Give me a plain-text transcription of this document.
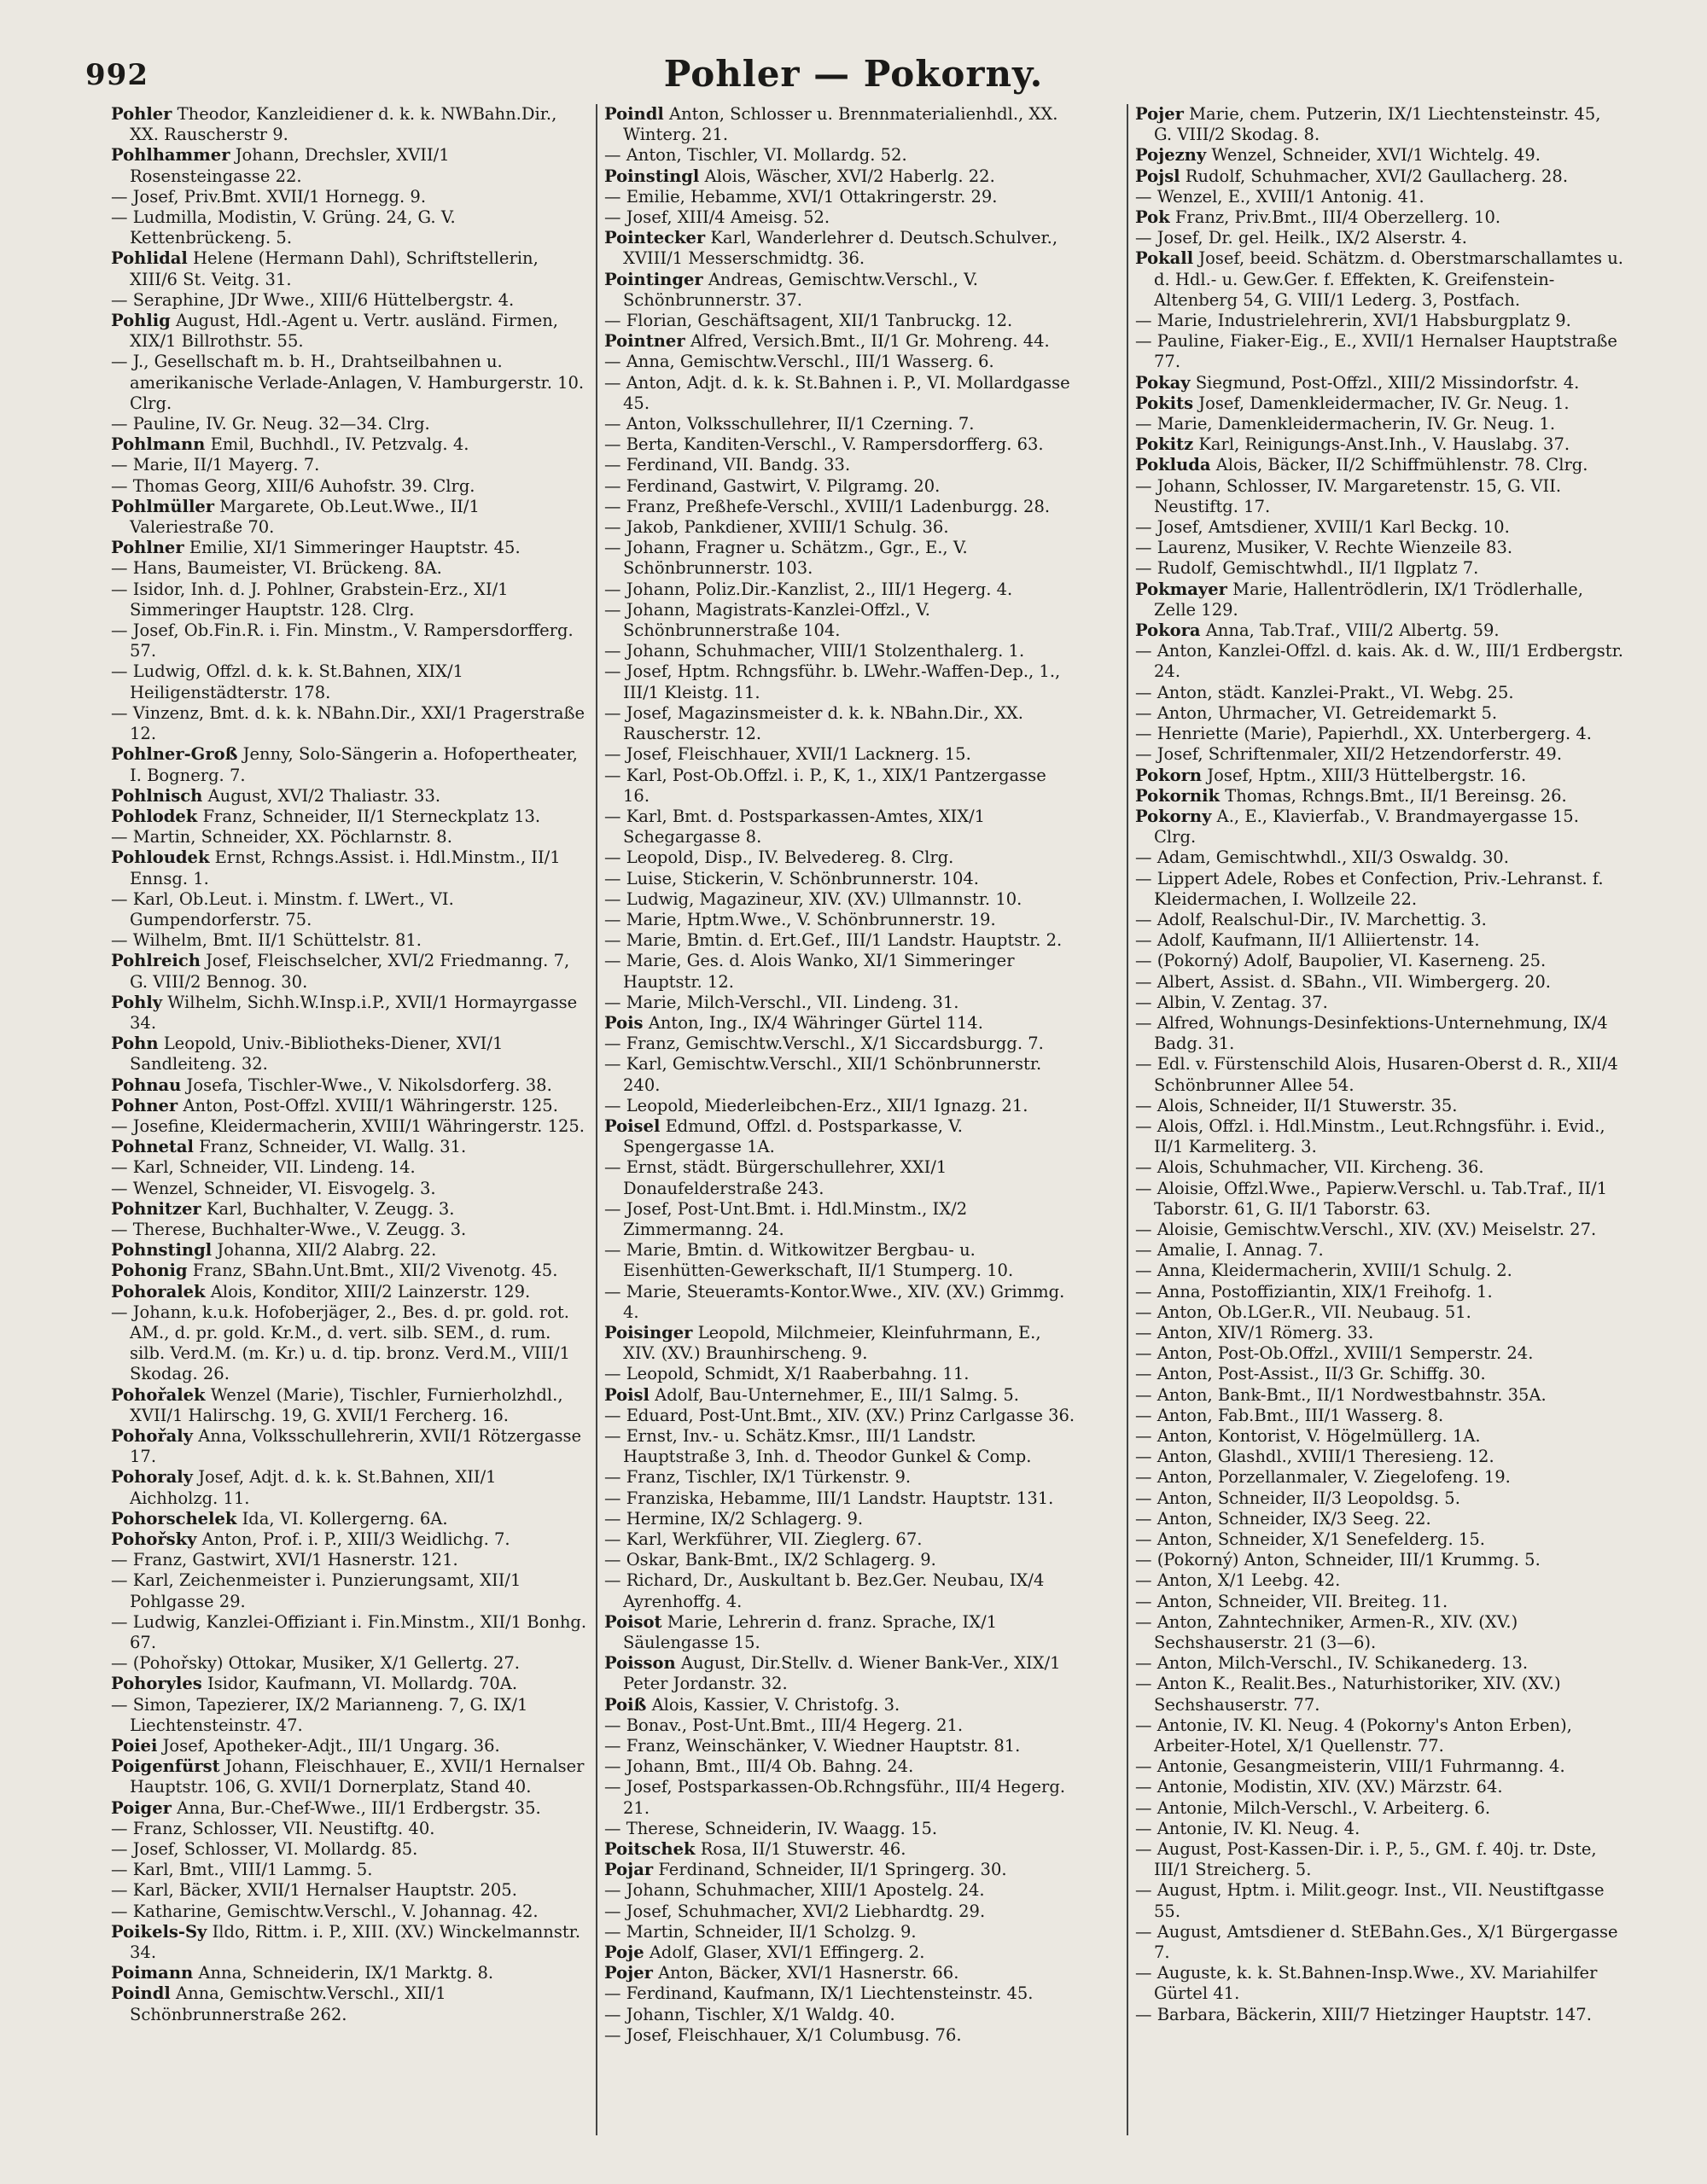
992	Pohler — Pokorny.

Pohler Theodor, Kanzleidiener d. k. k. NWBahn.Dir., XX. Rauscherstr 9.

Pohlhammer Johann, Drechsler, XVII/1 Rosensteingasse 22.

— Josef, Priv.Bmt. XVII/1 Hornegg. 9.

— Ludmilla, Modistin, V. Grüng. 24, G. V. Kettenbrückeng. 5.

Pohlidal Helene (Hermann Dahl), Schriftstellerin, XIII/6 St. Veitg. 31.

— Seraphine, JDr Wwe., XIII/6 Hüttelbergstr. 4.

Pohlig August, Hdl.-Agent u. Vertr. ausländ. Firmen, XIX/1 Billrothstr. 55.

— J., Gesellschaft m. b. H., Drahtseilbahnen u. amerikanische Verlade-Anlagen, V. Hamburgerstr. 10. Clrg.

— Pauline, IV. Gr. Neug. 32—34. Clrg.

Pohlmann Emil, Buchhdl., IV. Petzvalg. 4.

— Marie, II/1 Mayerg. 7.

— Thomas Georg, XIII/6 Auhofstr. 39. Clrg.

Pohlmüller Margarete, Ob.Leut.Wwe., II/1 Valeriestraße 70.

Pohlner Emilie, XI/1 Simmeringer Hauptstr. 45.

— Hans, Baumeister, VI. Brückeng. 8A.

— Isidor, Inh. d. J. Pohlner, Grabstein-Erz., XI/1 Simmeringer Hauptstr. 128. Clrg.

— Josef, Ob.Fin.R. i. Fin. Minstm., V. Rampersdorfferg. 57.

— Ludwig, Offzl. d. k. k. St.Bahnen, XIX/1 Heiligenstädterstr. 178.

— Vinzenz, Bmt. d. k. k. NBahn.Dir., XXI/1 Pragerstraße 12.

Pohlner-Groß Jenny, Solo-Sängerin a. Hofopertheater, I. Bognerg. 7.

Pohlnisch August, XVI/2 Thaliastr. 33.

Pohlodek Franz, Schneider, II/1 Sterneckplatz 13.

— Martin, Schneider, XX. Pöchlarnstr. 8.

Pohloudek Ernst, Rchngs.Assist. i. Hdl.Minstm., II/1 Ennsg. 1.

— Karl, Ob.Leut. i. Minstm. f. LWert., VI. Gumpendorferstr. 75.

— Wilhelm, Bmt. II/1 Schüttelstr. 81.

Pohlreich Josef, Fleischselcher, XVI/2 Friedmanng. 7, G. VIII/2 Bennog. 30.

Pohly Wilhelm, Sichh.W.Insp.i.P., XVII/1 Hormayrgasse 34.

Pohn Leopold, Univ.-Bibliotheks-Diener, XVI/1 Sandleiteng. 32.

Pohnau Josefa, Tischler-Wwe., V. Nikolsdorferg. 38.

Pohner Anton, Post-Offzl. XVIII/1 Währingerstr. 125.

— Josefine, Kleidermacherin, XVIII/1 Währingerstr. 125.

Pohnetal Franz, Schneider, VI. Wallg. 31.

— Karl, Schneider, VII. Lindeng. 14.

— Wenzel, Schneider, VI. Eisvogelg. 3.

Pohnitzer Karl, Buchhalter, V. Zeugg. 3.

— Therese, Buchhalter-Wwe., V. Zeugg. 3.

Pohnstingl Johanna, XII/2 Alabrg. 22.

Pohonig Franz, SBahn.Unt.Bmt., XII/2 Vivenotg. 45.

Pohoralek Alois, Konditor, XIII/2 Lainzerstr. 129.

— Johann, k.u.k. Hofoberjäger, 2., Bes. d. pr. gold. rot. AM., d. pr. gold. Kr.M., d. vert. silb. SEM., d. rum. silb. Verd.M. (m. Kr.) u. d. tip. bronz. Verd.M., VIII/1 Skodag. 26.

Pohořalek Wenzel (Marie), Tischler, Furnierholzhdl., XVII/1 Halirschg. 19, G. XVII/1 Fercherg. 16.

Pohořaly Anna, Volksschullehrerin, XVII/1 Rötzergasse 17.

Pohoraly Josef, Adjt. d. k. k. St.Bahnen, XII/1 Aichholzg. 11.

Pohorschelek Ida, VI. Kollergerng. 6A.

Pohořsky Anton, Prof. i. P., XIII/3 Weidlichg. 7.

— Franz, Gastwirt, XVI/1 Hasnerstr. 121.

— Karl, Zeichenmeister i. Punzierungsamt, XII/1 Pohlgasse 29.

— Ludwig, Kanzlei-Offiziant i. Fin.Minstm., XII/1 Bonhg. 67.

— (Pohořsky) Ottokar, Musiker, X/1 Gellertg. 27.

Pohoryles Isidor, Kaufmann, VI. Mollardg. 70A.

— Simon, Tapezierer, IX/2 Marianneng. 7, G. IX/1 Liechtensteinstr. 47.

Poiei Josef, Apotheker-Adjt., III/1 Ungarg. 36.

Poigenfürst Johann, Fleischhauer, E., XVII/1 Hernalser Hauptstr. 106, G. XVII/1 Dornerplatz, Stand 40.

Poiger Anna, Bur.-Chef-Wwe., III/1 Erdbergstr. 35.

— Franz, Schlosser, VII. Neustiftg. 40.

— Josef, Schlosser, VI. Mollardg. 85.

— Karl, Bmt., VIII/1 Lammg. 5.

— Karl, Bäcker, XVII/1 Hernalser Hauptstr. 205.

— Katharine, Gemischtw.Verschl., V. Johannag. 42.

Poikels-Sy Ildo, Rittm. i. P., XIII. (XV.) Winckelmannstr. 34.

Poimann Anna, Schneiderin, IX/1 Marktg. 8.

Poindl Anna, Gemischtw.Verschl., XII/1 Schönbrunnerstraße 262.

Poindl Anton, Schlosser u. Brennmaterialienhdl., XX. Winterg. 21.

— Anton, Tischler, VI. Mollardg. 52.

Poinstingl Alois, Wäscher, XVI/2 Haberlg. 22.

— Emilie, Hebamme, XVI/1 Ottakringerstr. 29.

— Josef, XIII/4 Ameisg. 52.

Pointecker Karl, Wanderlehrer d. Deutsch.Schulver., XVIII/1 Messerschmidtg. 36.

Pointinger Andreas, Gemischtw.Verschl., V. Schönbrunnerstr. 37.

— Florian, Geschäftsagent, XII/1 Tanbruckg. 12.

Pointner Alfred, Versich.Bmt., II/1 Gr. Mohreng. 44.

— Anna, Gemischtw.Verschl., III/1 Wasserg. 6.

— Anton, Adjt. d. k. k. St.Bahnen i. P., VI. Mollardgasse 45.

— Anton, Volksschullehrer, II/1 Czerning. 7.

— Berta, Kanditen-Verschl., V. Rampersdorfferg. 63.

— Ferdinand, VII. Bandg. 33.

— Ferdinand, Gastwirt, V. Pilgramg. 20.

— Franz, Preßhefe-Verschl., XVIII/1 Ladenburgg. 28.

— Jakob, Pankdiener, XVIII/1 Schulg. 36.

— Johann, Fragner u. Schätzm., Ggr., E., V. Schönbrunnerstr. 103.

— Johann, Poliz.Dir.-Kanzlist, 2., III/1 Hegerg. 4.

— Johann, Magistrats-Kanzlei-Offzl., V. Schönbrunnerstraße 104.

— Johann, Schuhmacher, VIII/1 Stolzenthalerg. 1.

— Josef, Hptm. Rchngsführ. b. LWehr.-Waffen-Dep., 1., III/1 Kleistg. 11.

— Josef, Magazinsmeister d. k. k. NBahn.Dir., XX. Rauscherstr. 12.

— Josef, Fleischhauer, XVII/1 Lacknerg. 15.

— Karl, Post-Ob.Offzl. i. P., K, 1., XIX/1 Pantzergasse 16.

— Karl, Bmt. d. Postsparkassen-Amtes, XIX/1 Schegargasse 8.

— Leopold, Disp., IV. Belvedereg. 8. Clrg.

— Luise, Stickerin, V. Schönbrunnerstr. 104.

— Ludwig, Magazineur, XIV. (XV.) Ullmannstr. 10.

— Marie, Hptm.Wwe., V. Schönbrunnerstr. 19.

— Marie, Bmtin. d. Ert.Gef., III/1 Landstr. Hauptstr. 2.

— Marie, Ges. d. Alois Wanko, XI/1 Simmeringer Hauptstr. 12.

— Marie, Milch-Verschl., VII. Lindeng. 31.

Pois Anton, Ing., IX/4 Währinger Gürtel 114.

— Franz, Gemischtw.Verschl., X/1 Siccardsburgg. 7.

— Karl, Gemischtw.Verschl., XII/1 Schönbrunnerstr. 240.

— Leopold, Miederleibchen-Erz., XII/1 Ignazg. 21.

Poisel Edmund, Offzl. d. Postsparkasse, V. Spengergasse 1A.

— Ernst, städt. Bürgerschullehrer, XXI/1 Donaufelderstraße 243.

— Josef, Post-Unt.Bmt. i. Hdl.Minstm., IX/2 Zimmermanng. 24.

— Marie, Bmtin. d. Witkowitzer Bergbau- u. Eisenhütten-Gewerkschaft, II/1 Stumperg. 10.

— Marie, Steueramts-Kontor.Wwe., XIV. (XV.) Grimmg. 4.

Poisinger Leopold, Milchmeier, Kleinfuhrmann, E., XIV. (XV.) Braunhirscheng. 9.

— Leopold, Schmidt, X/1 Raaberbahng. 11.

Poisl Adolf, Bau-Unternehmer, E., III/1 Salmg. 5.

— Eduard, Post-Unt.Bmt., XIV. (XV.) Prinz Carlgasse 36.

— Ernst, Inv.- u. Schätz.Kmsr., III/1 Landstr. Hauptstraße 3, Inh. d. Theodor Gunkel & Comp.

— Franz, Tischler, IX/1 Türkenstr. 9.

— Franziska, Hebamme, III/1 Landstr. Hauptstr. 131.

— Hermine, IX/2 Schlagerg. 9.

— Karl, Werkführer, VII. Zieglerg. 67.

— Oskar, Bank-Bmt., IX/2 Schlagerg. 9.

— Richard, Dr., Auskultant b. Bez.Ger. Neubau, IX/4 Ayrenhoffg. 4.

Poisot Marie, Lehrerin d. franz. Sprache, IX/1 Säulengasse 15.

Poisson August, Dir.Stellv. d. Wiener Bank-Ver., XIX/1 Peter Jordanstr. 32.

Poiß Alois, Kassier, V. Christofg. 3.

— Bonav., Post-Unt.Bmt., III/4 Hegerg. 21.

— Franz, Weinschänker, V. Wiedner Hauptstr. 81.

— Johann, Bmt., III/4 Ob. Bahng. 24.

— Josef, Postsparkassen-Ob.Rchngsführ., III/4 Hegerg. 21.

— Therese, Schneiderin, IV. Waagg. 15.

Poitschek Rosa, II/1 Stuwerstr. 46.

Pojar Ferdinand, Schneider, II/1 Springerg. 30.

— Johann, Schuhmacher, XIII/1 Apostelg. 24.

— Josef, Schuhmacher, XVI/2 Liebhardtg. 29.

— Martin, Schneider, II/1 Scholzg. 9.

Poje Adolf, Glaser, XVI/1 Effingerg. 2.

Pojer Anton, Bäcker, XVI/1 Hasnerstr. 66.

— Ferdinand, Kaufmann, IX/1 Liechtensteinstr. 45.

— Johann, Tischler, X/1 Waldg. 40.

— Josef, Fleischhauer, X/1 Columbusg. 76.

Pojer Marie, chem. Putzerin, IX/1 Liechtensteinstr. 45, G. VIII/2 Skodag. 8.

Pojezny Wenzel, Schneider, XVI/1 Wichtelg. 49.

Pojsl Rudolf, Schuhmacher, XVI/2 Gaullacherg. 28.

— Wenzel, E., XVIII/1 Antonig. 41.

Pok Franz, Priv.Bmt., III/4 Oberzellerg. 10.

— Josef, Dr. gel. Heilk., IX/2 Alserstr. 4.

Pokall Josef, beeid. Schätzm. d. Oberstmarschallamtes u. d. Hdl.- u. Gew.Ger. f. Effekten, K. Greifenstein-Altenberg 54, G. VIII/1 Lederg. 3, Postfach.

— Marie, Industrielehrerin, XVI/1 Habsburgplatz 9.

— Pauline, Fiaker-Eig., E., XVII/1 Hernalser Hauptstraße 77.

Pokay Siegmund, Post-Offzl., XIII/2 Missindorfstr. 4.

Pokits Josef, Damenkleidermacher, IV. Gr. Neug. 1.

— Marie, Damenkleidermacherin, IV. Gr. Neug. 1.

Pokitz Karl, Reinigungs-Anst.Inh., V. Hauslabg. 37.

Pokluda Alois, Bäcker, II/2 Schiffmühlenstr. 78. Clrg.

— Johann, Schlosser, IV. Margaretenstr. 15, G. VII. Neustiftg. 17.

— Josef, Amtsdiener, XVIII/1 Karl Beckg. 10.

— Laurenz, Musiker, V. Rechte Wienzeile 83.

— Rudolf, Gemischtwhdl., II/1 Ilgplatz 7.

Pokmayer Marie, Hallentrödlerin, IX/1 Trödlerhalle, Zelle 129.

Pokora Anna, Tab.Traf., VIII/2 Albertg. 59.

— Anton, Kanzlei-Offzl. d. kais. Ak. d. W., III/1 Erdbergstr. 24.

— Anton, städt. Kanzlei-Prakt., VI. Webg. 25.

— Anton, Uhrmacher, VI. Getreidemarkt 5.

— Henriette (Marie), Papierhdl., XX. Unterbergerg. 4.

— Josef, Schriftenmaler, XII/2 Hetzendorferstr. 49.

Pokorn Josef, Hptm., XIII/3 Hüttelbergstr. 16.

Pokornik Thomas, Rchngs.Bmt., II/1 Bereinsg. 26.

Pokorny A., E., Klavierfab., V. Brandmayergasse 15. Clrg.

— Adam, Gemischtwhdl., XII/3 Oswaldg. 30.

— Lippert Adele, Robes et Confection, Priv.-Lehranst. f. Kleidermachen, I. Wollzeile 22.

— Adolf, Realschul-Dir., IV. Marchettig. 3.

— Adolf, Kaufmann, II/1 Alliiertenstr. 14.

— (Pokorný) Adolf, Baupolier, VI. Kaserneng. 25.

— Albert, Assist. d. SBahn., VII. Wimbergerg. 20.

— Albin, V. Zentag. 37.

— Alfred, Wohnungs-Desinfektions-Unternehmung, IX/4 Badg. 31.

— Edl. v. Fürstenschild Alois, Husaren-Oberst d. R., XII/4 Schönbrunner Allee 54.

— Alois, Schneider, II/1 Stuwerstr. 35.

— Alois, Offzl. i. Hdl.Minstm., Leut.Rchngsführ. i. Evid., II/1 Karmeliterg. 3.

— Alois, Schuhmacher, VII. Kircheng. 36.

— Aloisie, Offzl.Wwe., Papierw.Verschl. u. Tab.Traf., II/1 Taborstr. 61, G. II/1 Taborstr. 63.

— Aloisie, Gemischtw.Verschl., XIV. (XV.) Meiselstr. 27.

— Amalie, I. Annag. 7.

— Anna, Kleidermacherin, XVIII/1 Schulg. 2.

— Anna, Postoffiziantin, XIX/1 Freihofg. 1.

— Anton, Ob.LGer.R., VII. Neubaug. 51.

— Anton, XIV/1 Römerg. 33.

— Anton, Post-Ob.Offzl., XVIII/1 Semperstr. 24.

— Anton, Post-Assist., II/3 Gr. Schiffg. 30.

— Anton, Bank-Bmt., II/1 Nordwestbahnstr. 35A.

— Anton, Fab.Bmt., III/1 Wasserg. 8.

— Anton, Kontorist, V. Högelmüllerg. 1A.

— Anton, Glashdl., XVIII/1 Theresieng. 12.

— Anton, Porzellanmaler, V. Ziegelofeng. 19.

— Anton, Schneider, II/3 Leopoldsg. 5.

— Anton, Schneider, IX/3 Seeg. 22.

— Anton, Schneider, X/1 Senefelderg. 15.

— (Pokorný) Anton, Schneider, III/1 Krummg. 5.

— Anton, X/1 Leebg. 42.

— Anton, Schneider, VII. Breiteg. 11.

— Anton, Zahntechniker, Armen-R., XIV. (XV.) Sechshauserstr. 21 (3—6).

— Anton, Milch-Verschl., IV. Schikanederg. 13.

— Anton K., Realit.Bes., Naturhistoriker, XIV. (XV.) Sechshauserstr. 77.

— Antonie, IV. Kl. Neug. 4 (Pokorny's Anton Erben), Arbeiter-Hotel, X/1 Quellenstr. 77.

— Antonie, Gesangmeisterin, VIII/1 Fuhrmanng. 4.

— Antonie, Modistin, XIV. (XV.) Märzstr. 64.

— Antonie, Milch-Verschl., V. Arbeiterg. 6.

— Antonie, IV. Kl. Neug. 4.

— August, Post-Kassen-Dir. i. P., 5., GM. f. 40j. tr. Dste, III/1 Streicherg. 5.

— August, Hptm. i. Milit.geogr. Inst., VII. Neustiftgasse 55.

— August, Amtsdiener d. StEBahn.Ges., X/1 Bürgergasse 7.

— Auguste, k. k. St.Bahnen-Insp.Wwe., XV. Mariahilfer Gürtel 41.

— Barbara, Bäckerin, XIII/7 Hietzinger Hauptstr. 147.
